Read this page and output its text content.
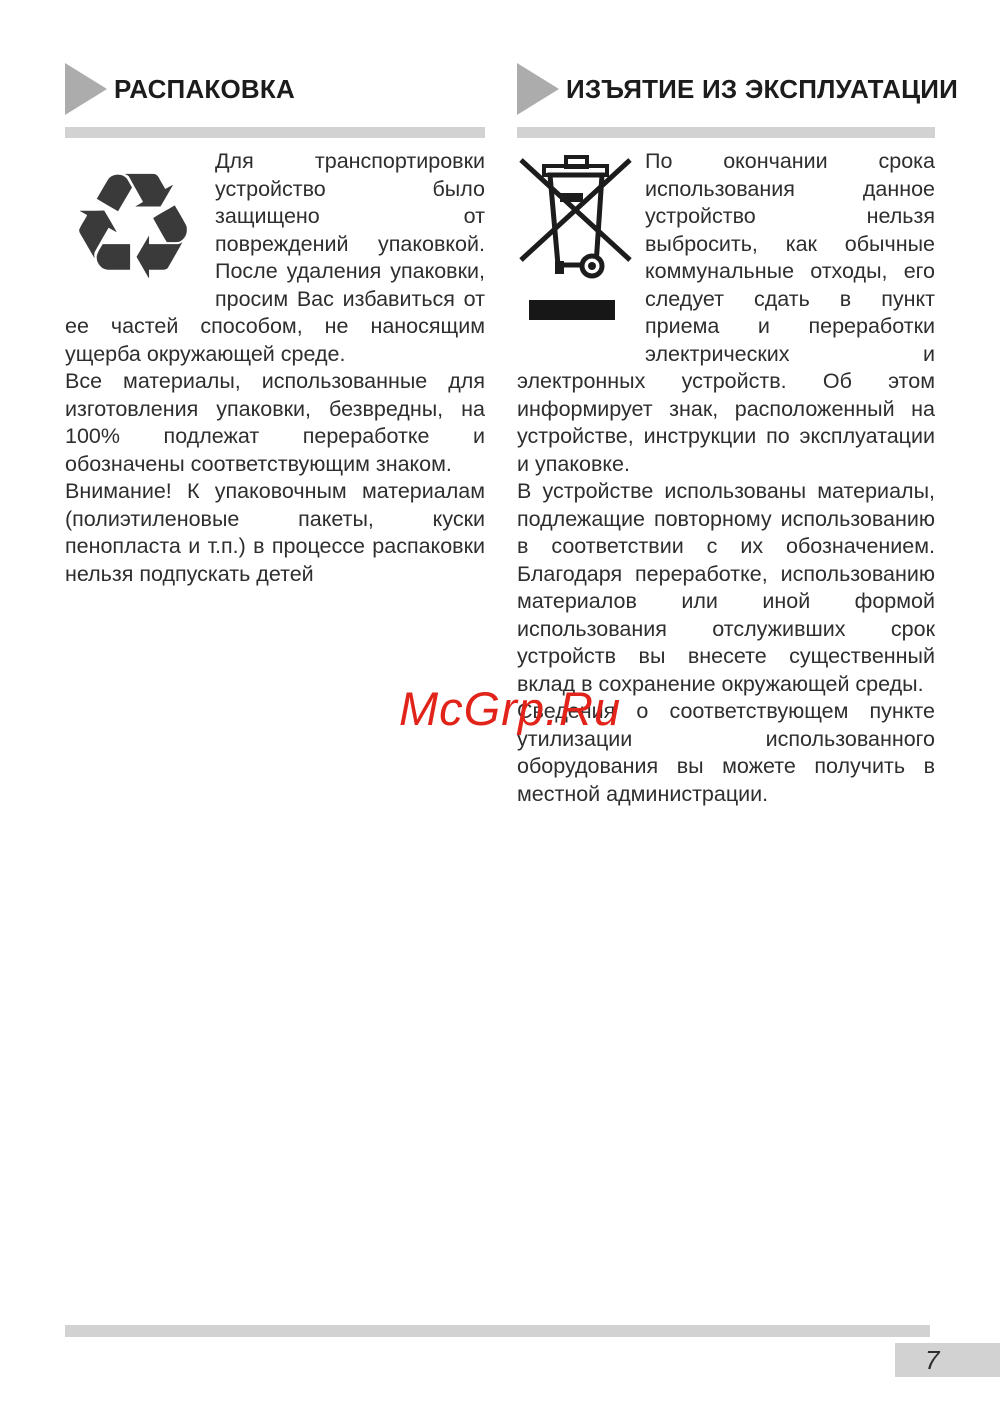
РАСПАКОВКА
♻ Для транспортировки устройство было защищено от повреждений упаковкой. После удаления упаковки, просим Вас избавиться от ее частей способом, не наносящим ущерба окружающей среде.

Все материалы, использованные для изготовления упаковки, безвредны, на 100% подлежат переработке и обозначены соответствующим знаком.

Внимание! К упаковочным материалам (полиэтиленовые пакеты, куски пенопласта и т.п.) в процессе распаковки нельзя подпускать детей

ИЗЪЯТИЕ ИЗ ЭКСПЛУАТАЦИИ

По окончании срока использования данное устройство нельзя выбросить, как обычные коммунальные отходы, его следует сдать в пункт приема и переработки электрических и электронных устройств. Об этом информирует знак, расположенный на устройстве, инструкции по эксплуатации и упаковке.

В устройстве использованы материалы, подлежащие повторному использованию в соответствии с их обозначением. Благодаря переработке, использованию материалов или иной формой использования отслуживших срок устройств вы внесете существенный вклад в сохранение окружающей среды.

Сведения о соответствующем пункте утилизации использованного оборудования вы можете получить в местной администрации.

McGrp.Ru
7
